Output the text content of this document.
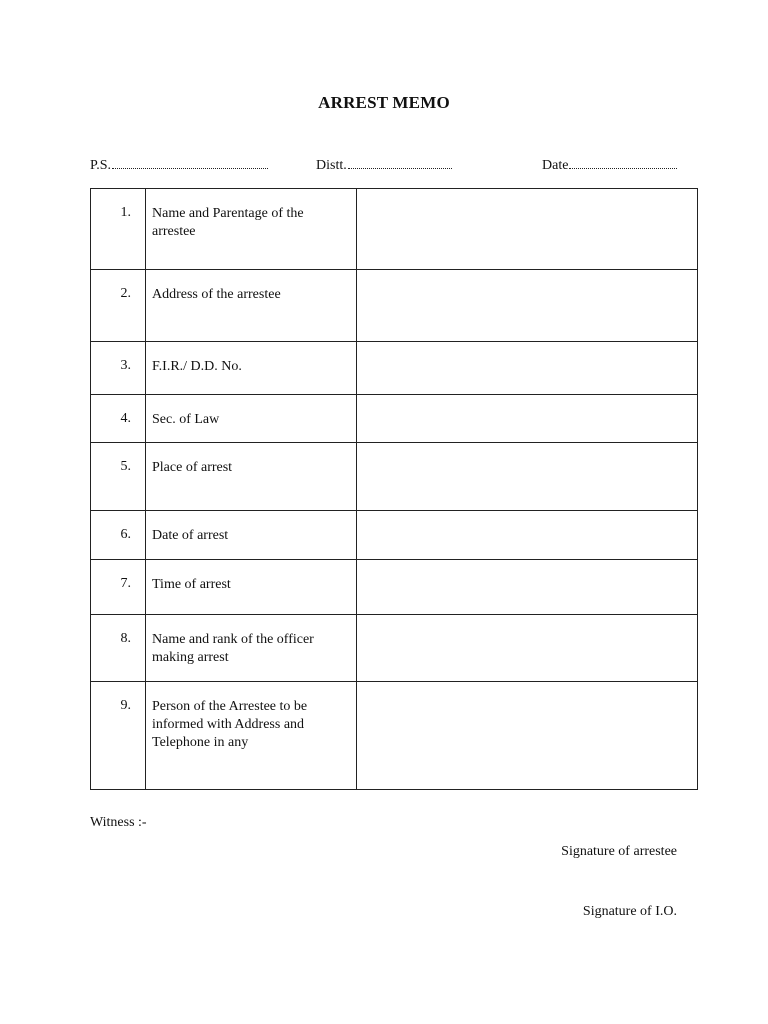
ARREST MEMO
P.S.	Distt.	Date
1.	Name and Parentage of the arrestee	
2.	Address of the arrestee	
3.	F.I.R./ D.D. No.	
4.	Sec. of Law	
5.	Place of arrest	
6.	Date of arrest	
7.	Time of arrest	
8.	Name and rank of the officer making arrest	
9.	Person of the Arrestee to be informed with Address and Telephone in any	
Witness :-
Signature of arrestee
Signature of I.O.
